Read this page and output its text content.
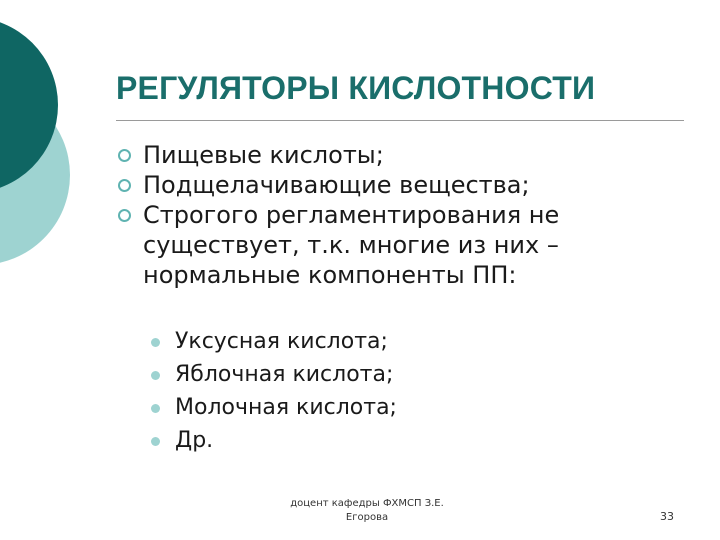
РЕГУЛЯТОРЫ КИСЛОТНОСТИ
Пищевые кислоты;
Подщелачивающие вещества;
Строгого регламентирования не существует, т.к. многие из них – нормальные компоненты ПП:
Уксусная кислота;
Яблочная кислота;
Молочная кислота;
Др.
доцент кафедры ФХМСП З.Е.
Егорова	33
